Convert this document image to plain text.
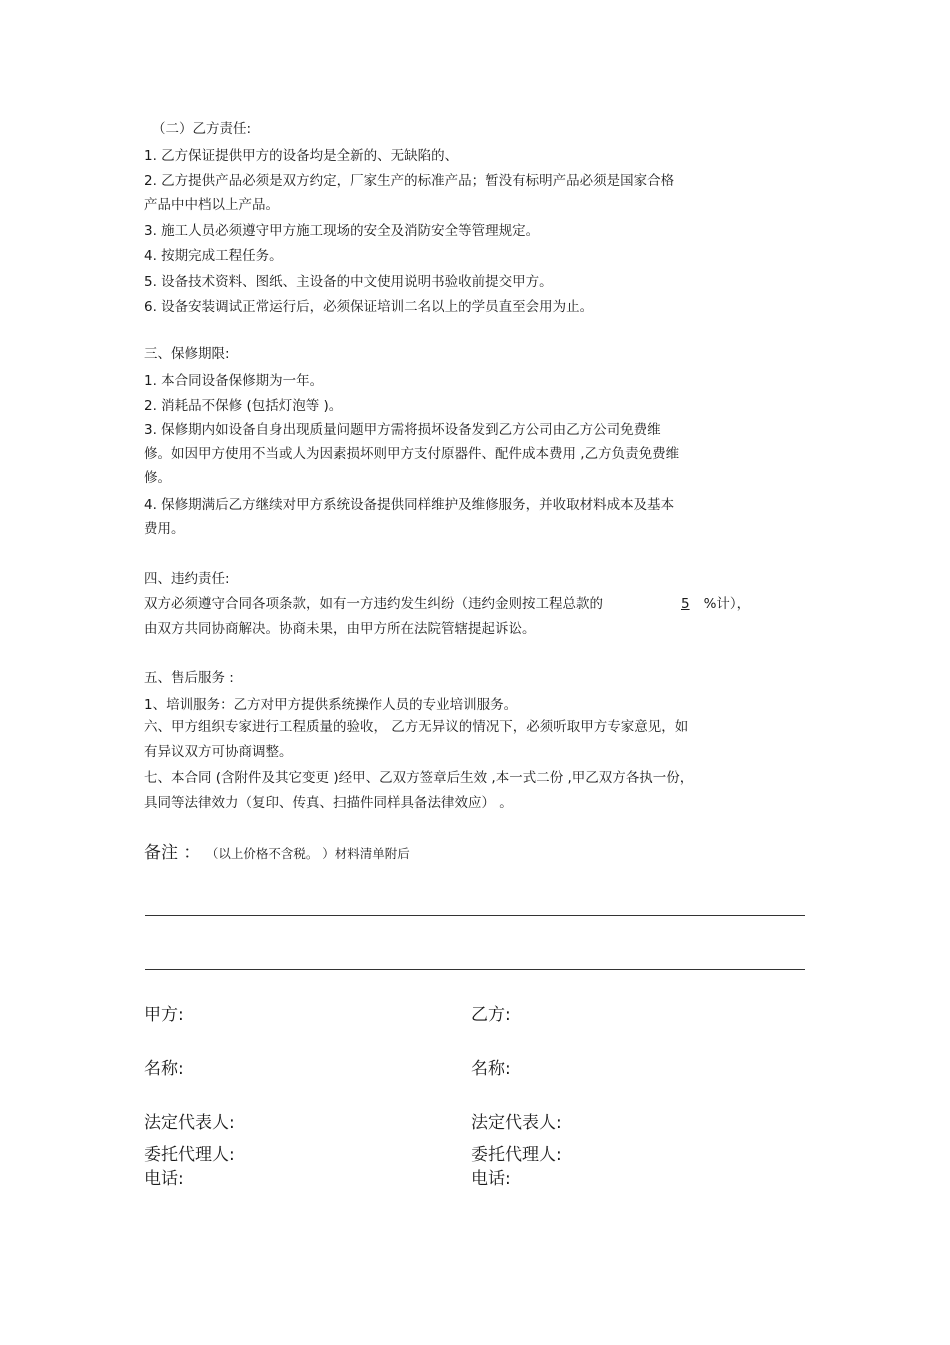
（二）乙方责任:
1. 乙方保证提供甲方的设备均是全新的、无缺陷的、
2. 乙方提供产品必须是双方约定，厂家生产的标准产品；暂没有标明产品必须是国家合格
产品中中档以上产品。
3. 施工人员必须遵守甲方施工现场的安全及消防安全等管理规定。
4. 按期完成工程任务。
5. 设备技术资料、图纸、主设备的中文使用说明书验收前提交甲方。
6. 设备安装调试正常运行后，必须保证培训二名以上的学员直至会用为止。
三、保修期限:
1. 本合同设备保修期为一年。
2. 消耗品不保修 (包括灯泡等 )。
3. 保修期内如设备自身出现质量问题甲方需将损坏设备发到乙方公司由乙方公司免费维
修。如因甲方使用不当或人为因素损坏则甲方支付原器件、配件成本费用 ,乙方负责免费维
修。
4. 保修期满后乙方继续对甲方系统设备提供同样维护及维修服务，并收取材料成本及基本
费用。
四、违约责任:
双方必须遵守合同各项条款，如有一方违约发生纠纷（违约金则按工程总款的	5 %计），
由双方共同协商解决。协商未果，由甲方所在法院管辖提起诉讼。
五、售后服务 :
1、培训服务：乙方对甲方提供系统操作人员的专业培训服务。
六、甲方组织专家进行工程质量的验收， 乙方无异议的情况下，必须听取甲方专家意见，如
有异议双方可协商调整。
七、本合同 (含附件及其它变更 )经甲、乙双方签章后生效 ,本一式二份 ,甲乙双方各执一份，
具同等法律效力（复印、传真、扫描件同样具备法律效应） 。
备注 ： （以上价格不含税。 ）材料清单附后
甲方:	乙方:
名称:	名称:
法定代表人:	法定代表人:
委托代理人:	委托代理人:
电话:	电话:
